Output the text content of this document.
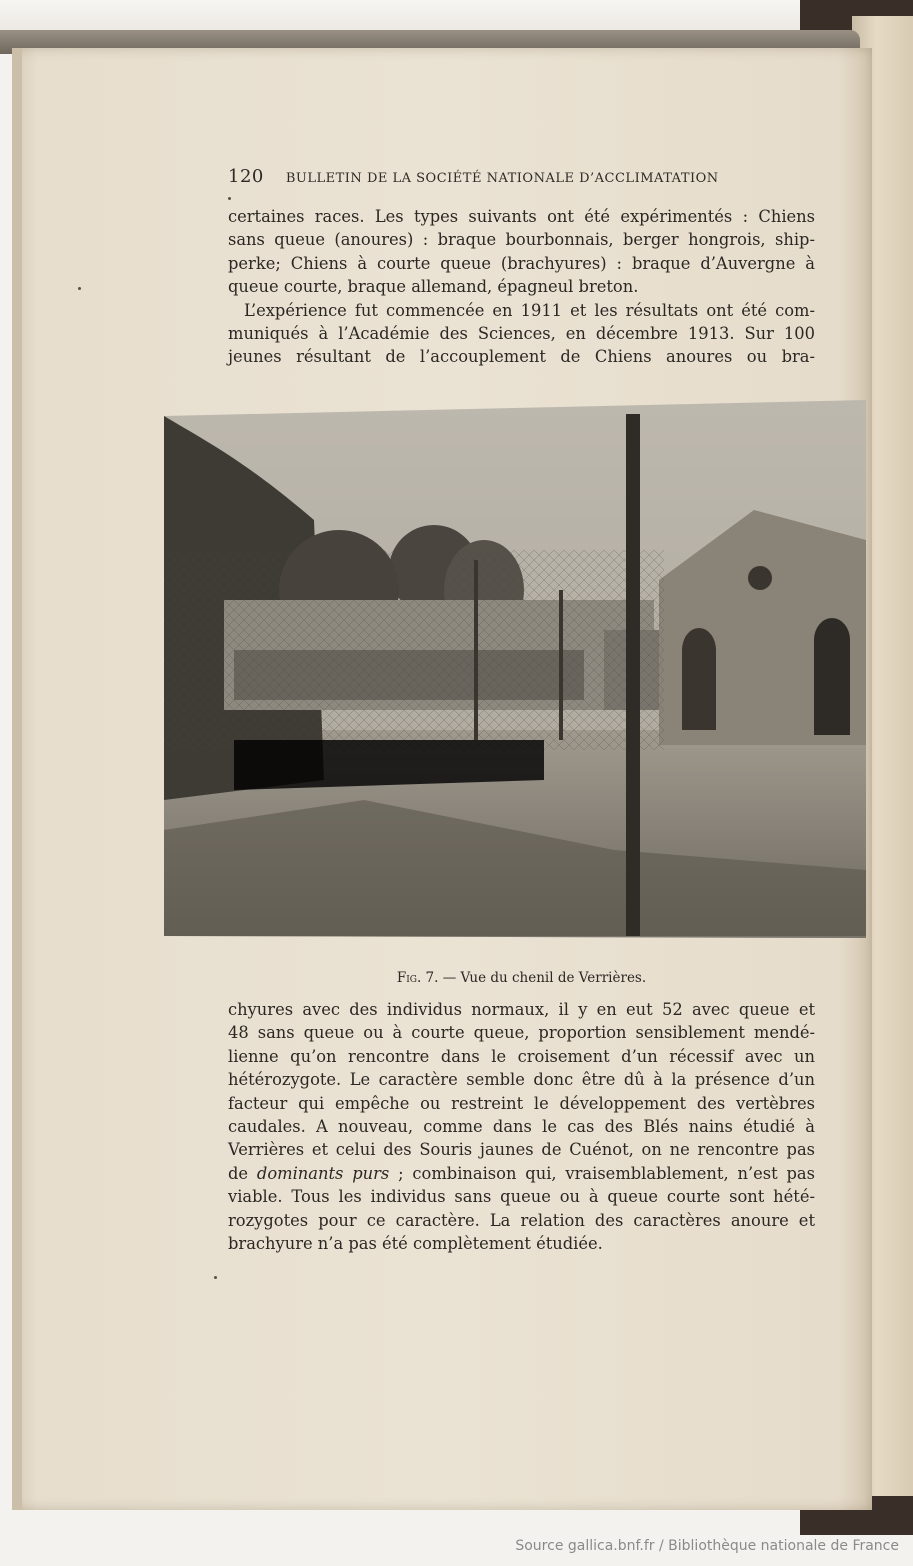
120 BULLETIN DE LA SOCIÉTÉ NATIONALE D’ACCLIMATATION
certaines races. Les types suivants ont été expérimentés : Chiens
sans queue (anoures) : braque bourbonnais, berger hongrois, ship-
perke; Chiens à courte queue (brachyures) : braque d’Auvergne à
queue courte, braque allemand, épagneul breton.
L’expérience fut commencée en 1911 et les résultats ont été com-
muniqués à l’Académie des Sciences, en décembre 1913. Sur 100
jeunes résultant de l’accouplement de Chiens anoures ou bra-
Fig. 7. — Vue du chenil de Verrières.
chyures avec des individus normaux, il y en eut 52 avec queue et
48 sans queue ou à courte queue, proportion sensiblement mendé-
lienne qu’on rencontre dans le croisement d’un récessif avec un
hétérozygote. Le caractère semble donc être dû à la présence d’un
facteur qui empêche ou restreint le développement des vertèbres
caudales. A nouveau, comme dans le cas des Blés nains étudié à
Verrières et celui des Souris jaunes de Cuénot, on ne rencontre pas
de dominants purs ; combinaison qui, vraisemblablement, n’est pas
viable. Tous les individus sans queue ou à queue courte sont hété-
rozygotes pour ce caractère. La relation des caractères anoure et
brachyure n’a pas été complètement étudiée.
Source gallica.bnf.fr / Bibliothèque nationale de France
